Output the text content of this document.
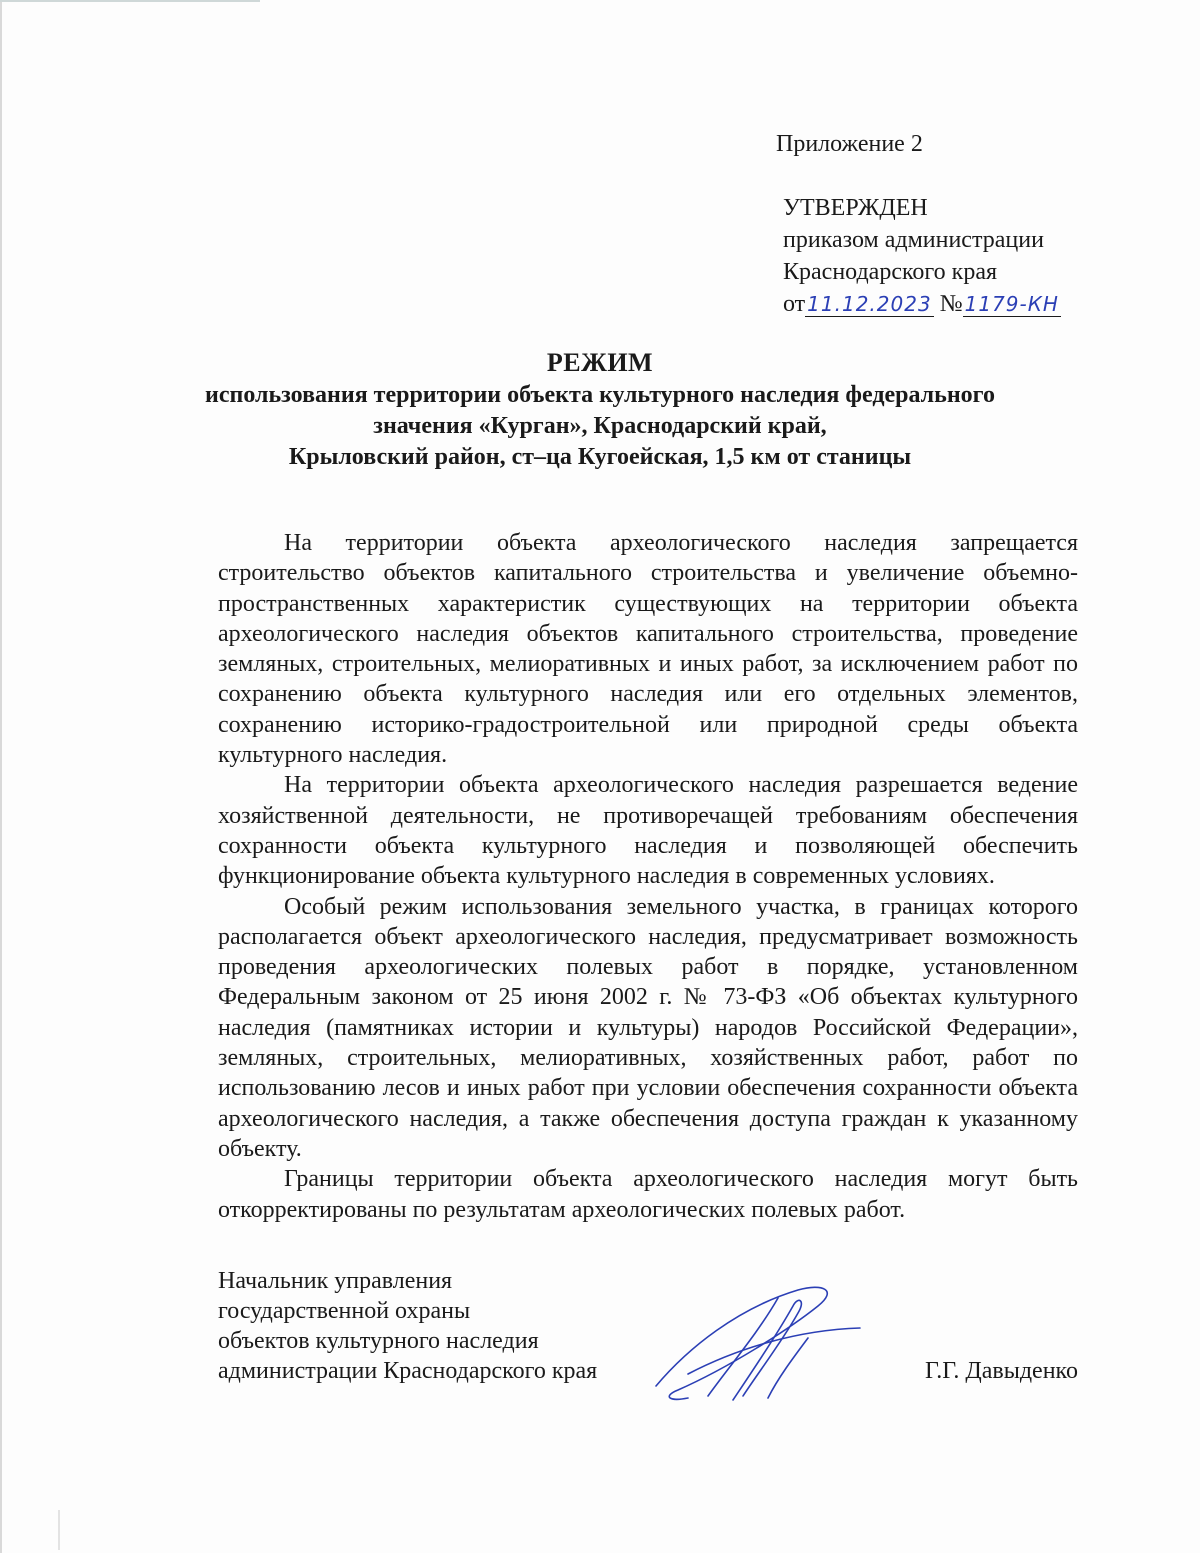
Приложение 2
УТВЕРЖДЕН
приказом администрации
Краснодарского края
от 11.12.2023 № 1179-КН
РЕЖИМ
использования территории объекта культурного наследия федерального
значения «Курган», Краснодарский край,
Крыловский район, ст–ца Кугоейская, 1,5 км от станицы

На территории объекта археологического наследия запрещается строительство объектов капитального строительства и увеличение объемно-пространственных характеристик существующих на территории объекта археологического наследия объектов капитального строительства, проведение земляных, строительных, мелиоративных и иных работ, за исключением работ по сохранению объекта культурного наследия или его отдельных элементов, сохранению историко-градостроительной или природной среды объекта культурного наследия.

На территории объекта археологического наследия разрешается ведение хозяйственной деятельности, не противоречащей требованиям обеспечения сохранности объекта культурного наследия и позволяющей обеспечить функционирование объекта культурного наследия в современных условиях.

Особый режим использования земельного участка, в границах которого располагается объект археологического наследия, предусматривает возможность проведения археологических полевых работ в порядке, установленном Федеральным законом от 25 июня 2002 г. № 73-ФЗ «Об объектах культурного наследия (памятниках истории и культуры) народов Российской Федерации», земляных, строительных, мелиоративных, хозяйственных работ, работ по использованию лесов и иных работ при условии обеспечения сохранности объекта археологического наследия, а также обеспечения доступа граждан к указанному объекту.

Границы территории объекта археологического наследия могут быть откорректированы по результатам археологических полевых работ.

Начальник управления
государственной охраны
объектов культурного наследия
администрации Краснодарского края	Г.Г. Давыденко
